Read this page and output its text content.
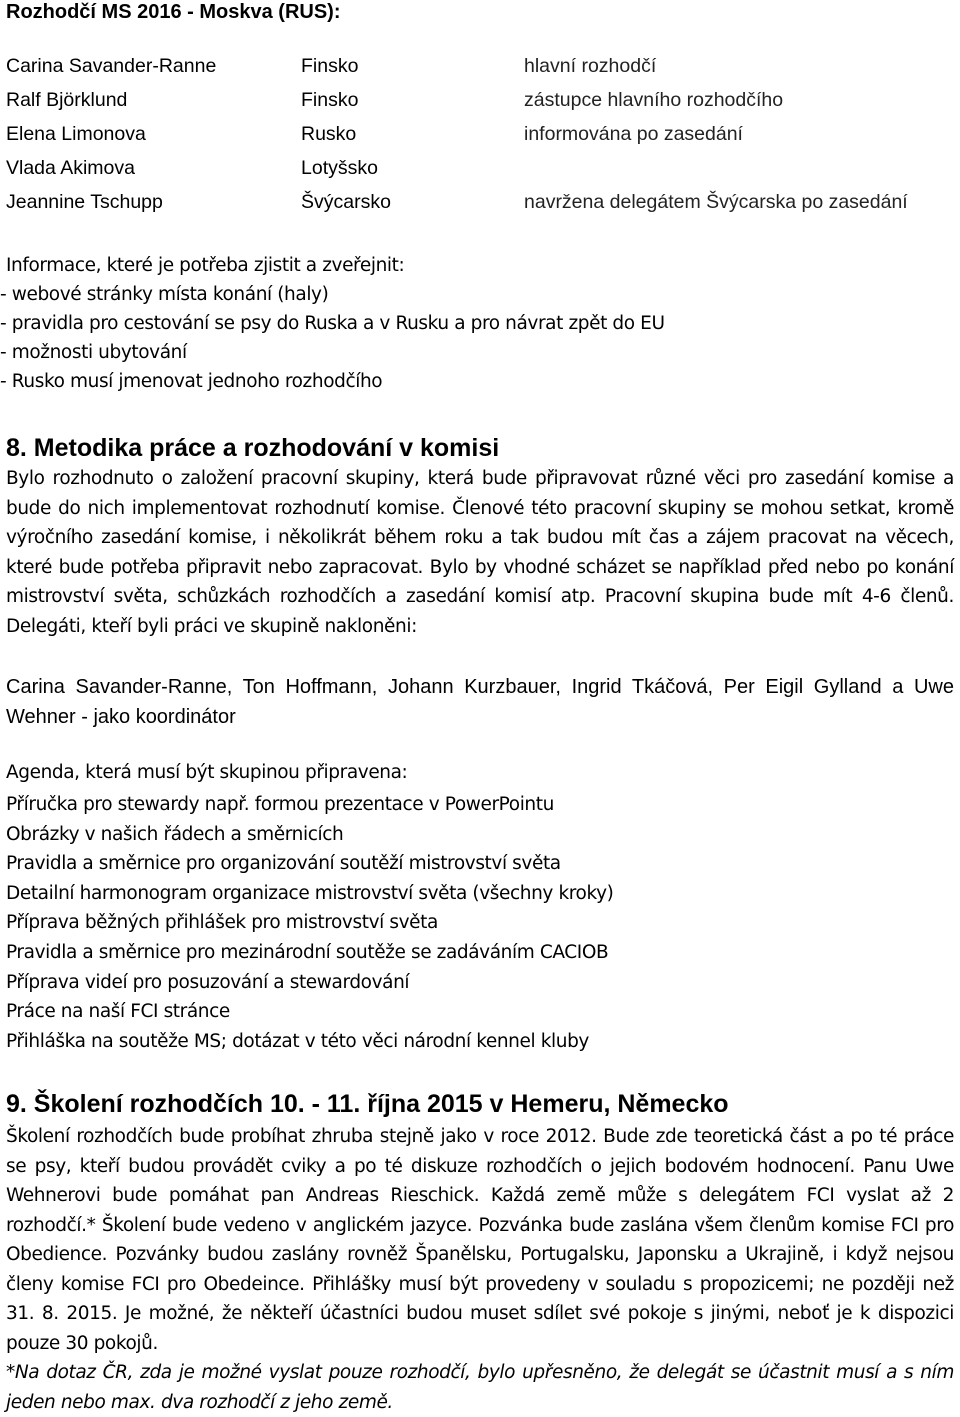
Rozhodčí MS 2016 - Moskva (RUS):
Carina Savander-Ranne	Finsko	hlavní rozhodčí
Ralf Björklund	Finsko	zástupce hlavního rozhodčího
Elena Limonova	Rusko	informována po zasedání
Vlada Akimova	Lotyšsko
Jeannine Tschupp	Švýcarsko	navržena delegátem Švýcarska po zasedání
Informace, které je potřeba zjistit a zveřejnit:
- webové stránky místa konání (haly)
- pravidla pro cestování se psy do Ruska a v Rusku a pro návrat zpět do EU
- možnosti ubytování
- Rusko musí jmenovat jednoho rozhodčího
8. Metodika práce a rozhodování v komisi
Bylo rozhodnuto o založení pracovní skupiny, která bude připravovat různé věci pro zasedání komise a bude do nich implementovat rozhodnutí komise. Členové této pracovní skupiny se mohou setkat, kromě výročního zasedání komise, i několikrát během roku a tak budou mít čas a zájem pracovat na věcech, které bude potřeba připravit nebo zapracovat. Bylo by vhodné scházet se například před nebo po konání mistrovství světa, schůzkách rozhodčích a zasedání komisí atp. Pracovní skupina bude mít 4-6 členů. Delegáti, kteří byli práci ve skupině nakloněni:
Carina Savander-Ranne, Ton Hoffmann, Johann Kurzbauer, Ingrid Tkáčová, Per Eigil Gylland a Uwe Wehner - jako koordinátor
Agenda, která musí být skupinou připravena:
Příručka pro stewardy např. formou prezentace v PowerPointu
Obrázky v našich řádech a směrnicích
Pravidla a směrnice pro organizování soutěží mistrovství světa
Detailní harmonogram organizace mistrovství světa (všechny kroky)
Příprava běžných přihlášek pro mistrovství světa
Pravidla a směrnice pro mezinárodní soutěže se zadáváním CACIOB
Příprava videí pro posuzování a stewardování
Práce na naší FCI stránce
Přihláška na soutěže MS; dotázat v této věci národní kennel kluby
9. Školení rozhodčích 10. - 11. října 2015 v Hemeru, Německo
Školení rozhodčích bude probíhat zhruba stejně jako v roce 2012. Bude zde teoretická část a po té práce se psy, kteří budou provádět cviky a po té diskuze rozhodčích o jejich bodovém hodnocení. Panu Uwe Wehnerovi bude pomáhat pan Andreas Rieschick. Každá země může s delegátem FCI vyslat až 2 rozhodčí.* Školení bude vedeno v anglickém jazyce. Pozvánka bude zaslána všem členům komise FCI pro Obedience. Pozvánky budou zaslány rovněž Španělsku, Portugalsku, Japonsku a Ukrajině, i když nejsou členy komise FCI pro Obedeince. Přihlášky musí být provedeny v souladu s propozicemi; ne později než 31. 8. 2015. Je možné, že někteří účastníci budou muset sdílet své pokoje s jinými, neboť je k dispozici pouze 30 pokojů.
*Na dotaz ČR, zda je možné vyslat pouze rozhodčí, bylo upřesněno, že delegát se účastnit musí a s ním jeden nebo max. dva rozhodčí z jeho země.
